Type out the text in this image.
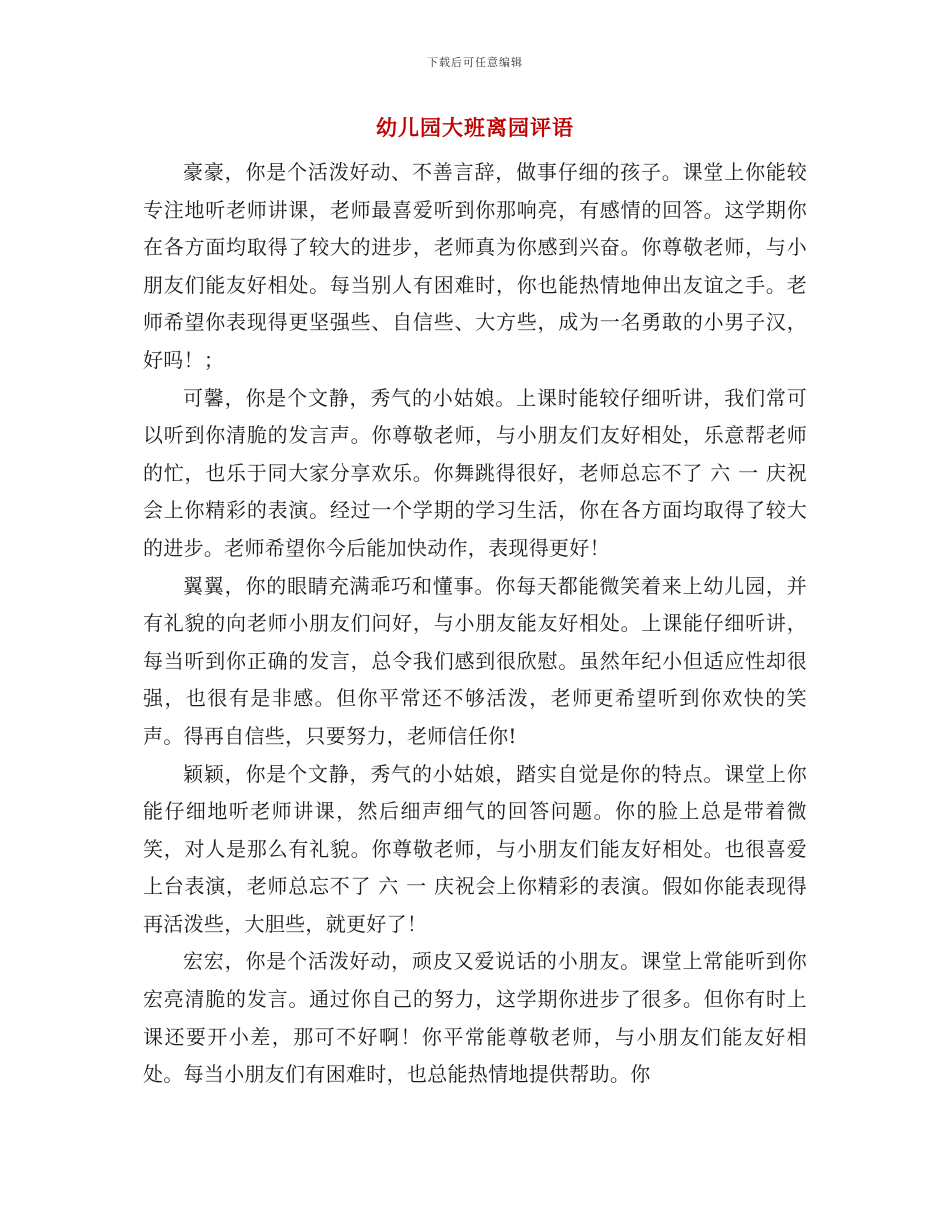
下载后可任意编辑
幼儿园大班离园评语

豪豪，你是个活泼好动、不善言辞，做事仔细的孩子。课堂上你能较专注地听老师讲课，老师最喜爱听到你那响亮，有感情的回答。这学期你在各方面均取得了较大的进步，老师真为你感到兴奋。你尊敬老师，与小朋友们能友好相处。每当别人有困难时，你也能热情地伸出友谊之手。老师希望你表现得更坚强些、自信些、大方些，成为一名勇敢的小男子汉，好吗！；

可馨，你是个文静，秀气的小姑娘。上课时能较仔细听讲，我们常可以听到你清脆的发言声。你尊敬老师，与小朋友们友好相处，乐意帮老师的忙，也乐于同大家分享欢乐。你舞跳得很好，老师总忘不了 六 一 庆祝会上你精彩的表演。经过一个学期的学习生活，你在各方面均取得了较大的进步。老师希望你今后能加快动作，表现得更好！

翼翼，你的眼睛充满乖巧和懂事。你每天都能微笑着来上幼儿园，并有礼貌的向老师小朋友们问好，与小朋友能友好相处。上课能仔细听讲，每当听到你正确的发言，总令我们感到很欣慰。虽然年纪小但适应性却很强，也很有是非感。但你平常还不够活泼，老师更希望听到你欢快的笑声。得再自信些，只要努力，老师信任你!

颖颖，你是个文静，秀气的小姑娘，踏实自觉是你的特点。课堂上你能仔细地听老师讲课，然后细声细气的回答问题。你的脸上总是带着微笑，对人是那么有礼貌。你尊敬老师，与小朋友们能友好相处。也很喜爱上台表演，老师总忘不了 六 一 庆祝会上你精彩的表演。假如你能表现得再活泼些，大胆些，就更好了！

宏宏，你是个活泼好动，顽皮又爱说话的小朋友。课堂上常能听到你宏亮清脆的发言。通过你自己的努力，这学期你进步了很多。但你有时上课还要开小差，那可不好啊！你平常能尊敬老师，与小朋友们能友好相处。每当小朋友们有困难时，也总能热情地提供帮助。你
